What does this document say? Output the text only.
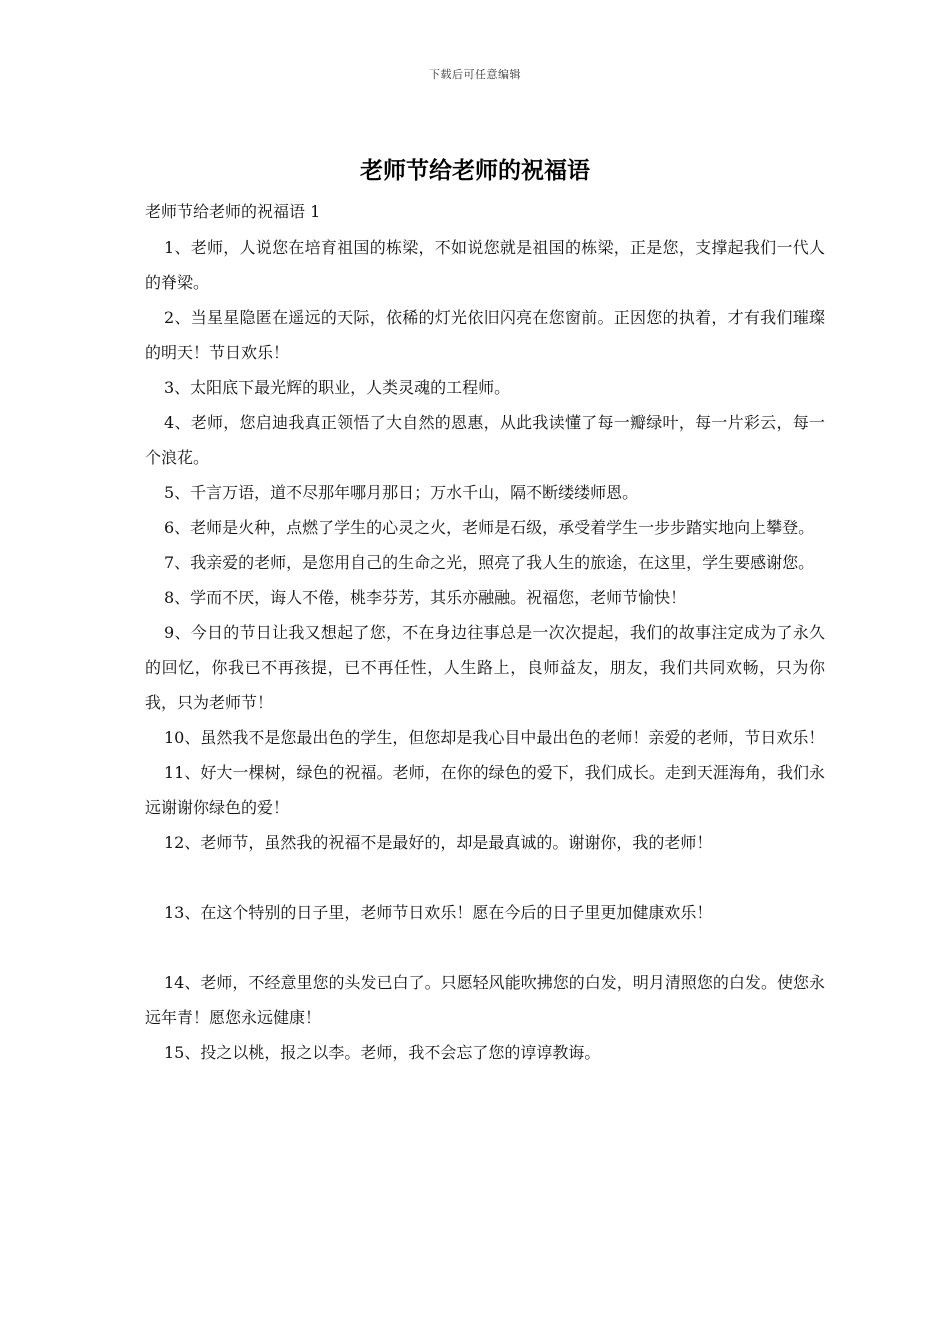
下载后可任意编辑
老师节给老师的祝福语

老师节给老师的祝福语 1

1、老师，人说您在培育祖国的栋梁，不如说您就是祖国的栋梁，正是您，支撑起我们一代人的脊梁。

2、当星星隐匿在遥远的天际，依稀的灯光依旧闪亮在您窗前。正因您的执着，才有我们璀璨的明天！节日欢乐！

3、太阳底下最光辉的职业，人类灵魂的工程师。

4、老师，您启迪我真正领悟了大自然的恩惠，从此我读懂了每一瓣绿叶，每一片彩云，每一个浪花。

5、千言万语，道不尽那年哪月那日；万水千山，隔不断缕缕师恩。

6、老师是火种，点燃了学生的心灵之火，老师是石级，承受着学生一步步踏实地向上攀登。

7、我亲爱的老师，是您用自己的生命之光，照亮了我人生的旅途，在这里，学生要感谢您。

8、学而不厌，诲人不倦，桃李芬芳，其乐亦融融。祝福您，老师节愉快！

9、今日的节日让我又想起了您，不在身边往事总是一次次提起，我们的故事注定成为了永久的回忆，你我已不再孩提，已不再任性，人生路上，良师益友，朋友，我们共同欢畅，只为你我，只为老师节！

10、虽然我不是您最出色的学生，但您却是我心目中最出色的老师！亲爱的老师，节日欢乐！

11、好大一棵树，绿色的祝福。老师，在你的绿色的爱下，我们成长。走到天涯海角，我们永远谢谢你绿色的爱！

12、老师节，虽然我的祝福不是最好的，却是最真诚的。谢谢你，我的老师！

13、在这个特别的日子里，老师节日欢乐！愿在今后的日子里更加健康欢乐！

14、老师，不经意里您的头发已白了。只愿轻风能吹拂您的白发，明月清照您的白发。使您永远年青！愿您永远健康！

15、投之以桃，报之以李。老师，我不会忘了您的谆谆教诲。
